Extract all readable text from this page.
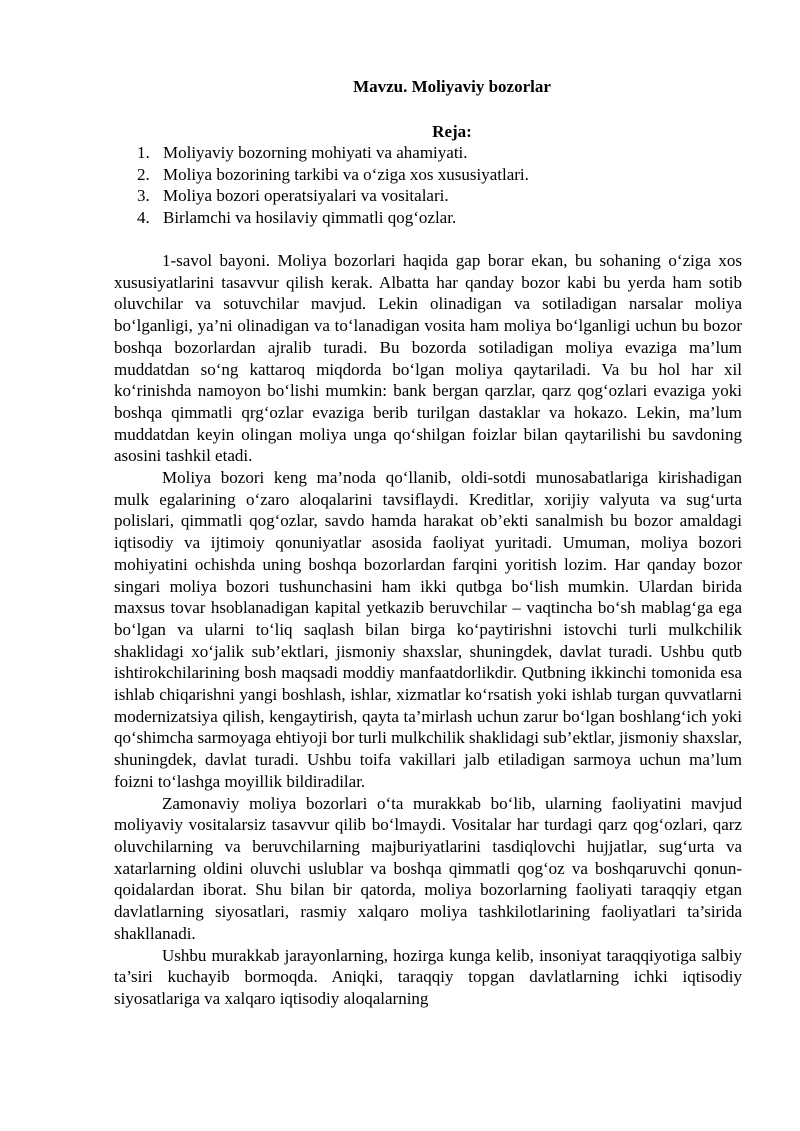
Mavzu. Moliyaviy bozorlar
Reja:
1. Moliyaviy bozorning mohiyati va ahamiyati.
2. Moliya bozorining tarkibi va o‘ziga xos xususiyatlari.
3. Moliya bozori operatsiyalari va vositalari.
4. Birlamchi va hosilaviy qimmatli qog‘ozlar.

1-savol bayoni. Moliya bozorlari haqida gap borar ekan, bu sohaning o‘ziga xos xususiyatlarini tasavvur qilish kerak. Albatta har qanday bozor kabi bu yerda ham sotib oluvchilar va sotuvchilar mavjud. Lekin olinadigan va sotiladigan narsalar moliya bo‘lganligi, ya’ni olinadigan va to‘lanadigan vosita ham moliya bo‘lganligi uchun bu bozor boshqa bozorlardan ajralib turadi. Bu bozorda sotiladigan moliya evaziga ma’lum muddatdan so‘ng kattaroq miqdorda bo‘lgan moliya qaytariladi. Va bu hol har xil ko‘rinishda namoyon bo‘lishi mumkin: bank bergan qarzlar, qarz qog‘ozlari evaziga yoki boshqa qimmatli qrg‘ozlar evaziga berib turilgan dastaklar va hokazo. Lekin, ma’lum muddatdan keyin olingan moliya unga qo‘shilgan foizlar bilan qaytarilishi bu savdoning asosini tashkil etadi.

Moliya bozori keng ma’noda qo‘llanib, oldi-sotdi munosabatlariga kirishadigan mulk egalarining o‘zaro aloqalarini tavsiflaydi. Kreditlar, xorijiy valyuta va sug‘urta polislari, qimmatli qog‘ozlar, savdo hamda harakat ob’ekti sanalmish bu bozor amaldagi iqtisodiy va ijtimoiy qonuniyatlar asosida faoliyat yuritadi. Umuman, moliya bozori mohiyatini ochishda uning boshqa bozorlardan farqini yoritish lozim. Har qanday bozor singari moliya bozori tushunchasini ham ikki qutbga bo‘lish mumkin. Ulardan birida maxsus tovar hsoblanadigan kapital yetkazib beruvchilar – vaqtincha bo‘sh mablag‘ga ega bo‘lgan va ularni to‘liq saqlash bilan birga ko‘paytirishni istovchi turli mulkchilik shaklidagi xo‘jalik sub’ektlari, jismoniy shaxslar, shuningdek, davlat turadi. Ushbu qutb ishtirokchilarining bosh maqsadi moddiy manfaatdorlikdir. Qutbning ikkinchi tomonida esa ishlab chiqarishni yangi boshlash, ishlar, xizmatlar ko‘rsatish yoki ishlab turgan quvvatlarni modernizatsiya qilish, kengaytirish, qayta ta’mirlash uchun zarur bo‘lgan boshlang‘ich yoki qo‘shimcha sarmoyaga ehtiyoji bor turli mulkchilik shaklidagi sub’ektlar, jismoniy shaxslar, shuningdek, davlat turadi. Ushbu toifa vakillari jalb etiladigan sarmoya uchun ma’lum foizni to‘lashga moyillik bildiradilar.

Zamonaviy moliya bozorlari o‘ta murakkab bo‘lib, ularning faoliyatini mavjud moliyaviy vositalarsiz tasavvur qilib bo‘lmaydi. Vositalar har turdagi qarz qog‘ozlari, qarz oluvchilarning va beruvchilarning majburiyatlarini tasdiqlovchi hujjatlar, sug‘urta va xatarlarning oldini oluvchi uslublar va boshqa qimmatli qog‘oz va boshqaruvchi qonun-qoidalardan iborat. Shu bilan bir qatorda, moliya bozorlarning faoliyati taraqqiy etgan davlatlarning siyosatlari, rasmiy xalqaro moliya tashkilotlarining faoliyatlari ta’sirida shakllanadi.

Ushbu murakkab jarayonlarning, hozirga kunga kelib, insoniyat taraqqiyotiga salbiy ta’siri kuchayib bormoqda. Aniqki, taraqqiy topgan davlatlarning ichki iqtisodiy siyosatlariga va xalqaro iqtisodiy aloqalarning
